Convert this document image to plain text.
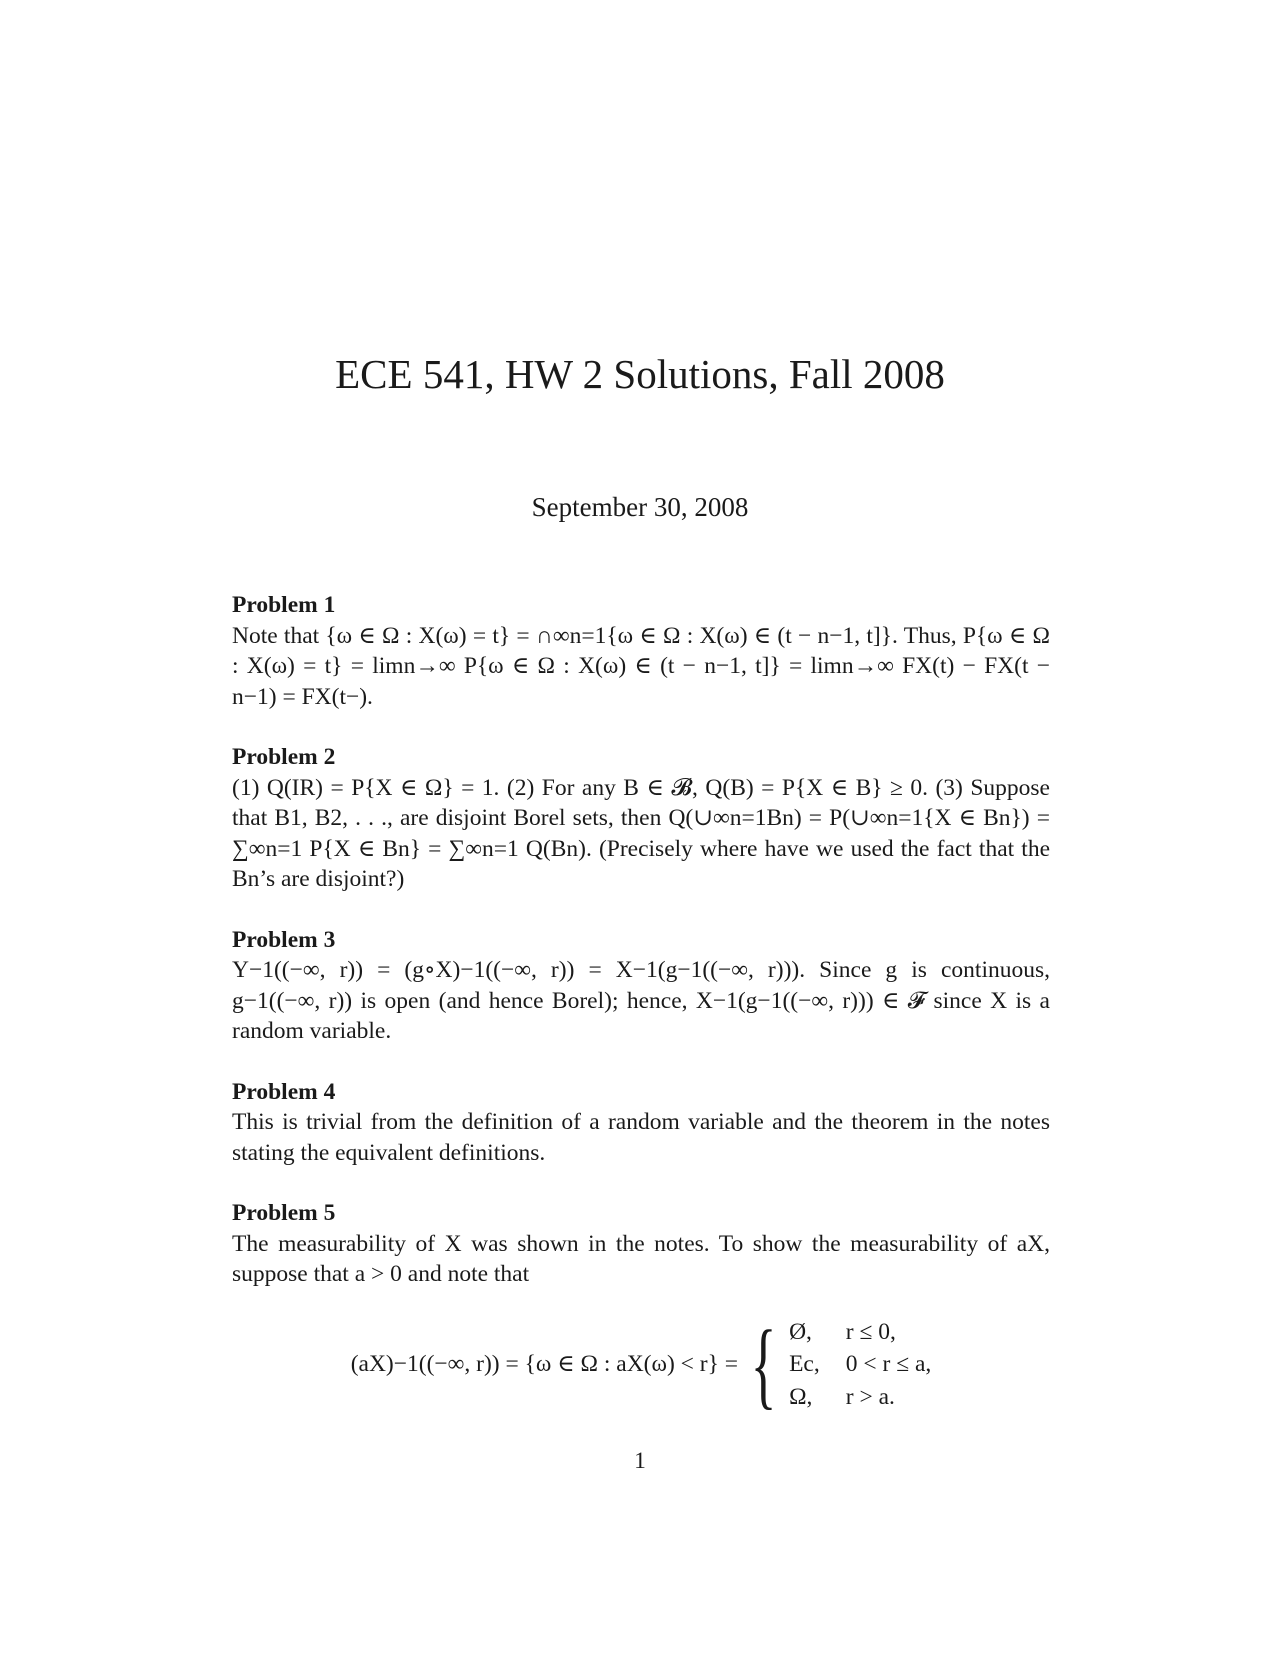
ECE 541, HW 2 Solutions, Fall 2008
September 30, 2008
Problem 1

Note that {ω ∈ Ω : X(ω) = t} = ∩∞n=1{ω ∈ Ω : X(ω) ∈ (t − n−1, t]}. Thus, P{ω ∈ Ω : X(ω) = t} = limn→∞ P{ω ∈ Ω : X(ω) ∈ (t − n−1, t]} = limn→∞ FX(t) − FX(t − n−1) = FX(t−).

Problem 2

(1) Q(IR) = P{X ∈ Ω} = 1. (2) For any B ∈ 𝓑, Q(B) = P{X ∈ B} ≥ 0. (3) Suppose that B1, B2, . . ., are disjoint Borel sets, then Q(∪∞n=1Bn) = P(∪∞n=1{X ∈ Bn}) = ∑∞n=1 P{X ∈ Bn} = ∑∞n=1 Q(Bn). (Precisely where have we used the fact that the Bn’s are disjoint?)

Problem 3

Y−1((−∞, r)) = (g∘X)−1((−∞, r)) = X−1(g−1((−∞, r))). Since g is continuous, g−1((−∞, r)) is open (and hence Borel); hence, X−1(g−1((−∞, r))) ∈ 𝓕 since X is a random variable.

Problem 4

This is trivial from the definition of a random variable and the theorem in the notes stating the equivalent definitions.

Problem 5

The measurability of X was shown in the notes. To show the measurability of aX, suppose that a > 0 and note that

(aX)−1((−∞, r)) = {ω ∈ Ω : aX(ω) < r} = { Ø,	r ≤ 0,
Ec, 0 < r ≤ a,
Ω,	r > a.
1
